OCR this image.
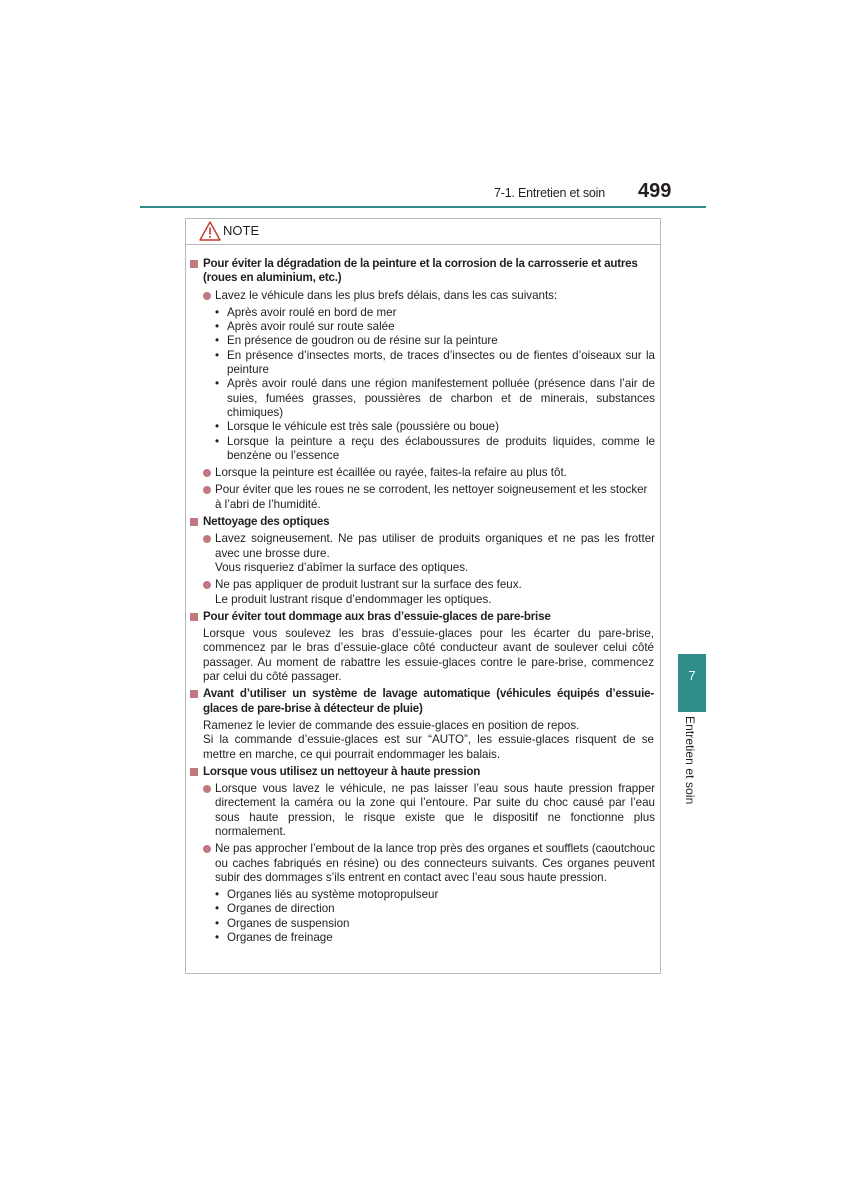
7-1. Entretien et soin 499
7
Entretien et soin
NOTE
Pour éviter la dégradation de la peinture et la corrosion de la carrosserie et autres (roues en aluminium, etc.)
Lavez le véhicule dans les plus brefs délais, dans les cas suivants:
• Après avoir roulé en bord de mer
• Après avoir roulé sur route salée
• En présence de goudron ou de résine sur la peinture
• En présence d’insectes morts, de traces d’insectes ou de fientes d’oiseaux sur la peinture
• Après avoir roulé dans une région manifestement polluée (présence dans l’air de suies, fumées grasses, poussières de charbon et de minerais, substances chimiques)
• Lorsque le véhicule est très sale (poussière ou boue)
• Lorsque la peinture a reçu des éclaboussures de produits liquides, comme le benzène ou l’essence
Lorsque la peinture est écaillée ou rayée, faites-la refaire au plus tôt.
Pour éviter que les roues ne se corrodent, les nettoyer soigneusement et les stocker à l’abri de l’humidité.
Nettoyage des optiques
Lavez soigneusement. Ne pas utiliser de produits organiques et ne pas les frotter avec une brosse dure.
Vous risqueriez d’abîmer la surface des optiques.
Ne pas appliquer de produit lustrant sur la surface des feux.
Le produit lustrant risque d’endommager les optiques.
Pour éviter tout dommage aux bras d’essuie-glaces de pare-brise
Lorsque vous soulevez les bras d’essuie-glaces pour les écarter du pare-brise, commencez par le bras d’essuie-glace côté conducteur avant de soulever celui côté passager. Au moment de rabattre les essuie-glaces contre le pare-brise, commencez par celui du côté passager.
Avant d’utiliser un système de lavage automatique (véhicules équipés d’essuie-glaces de pare-brise à détecteur de pluie)
Ramenez le levier de commande des essuie-glaces en position de repos.
Si la commande d’essuie-glaces est sur “AUTO”, les essuie-glaces risquent de se mettre en marche, ce qui pourrait endommager les balais.
Lorsque vous utilisez un nettoyeur à haute pression
Lorsque vous lavez le véhicule, ne pas laisser l’eau sous haute pression frapper directement la caméra ou la zone qui l’entoure. Par suite du choc causé par l’eau sous haute pression, le risque existe que le dispositif ne fonctionne plus normalement.
Ne pas approcher l’embout de la lance trop près des organes et soufflets (caoutchouc ou caches fabriqués en résine) ou des connecteurs suivants. Ces organes peuvent subir des dommages s’ils entrent en contact avec l’eau sous haute pression.
• Organes liés au système motopropulseur
• Organes de direction
• Organes de suspension
• Organes de freinage
